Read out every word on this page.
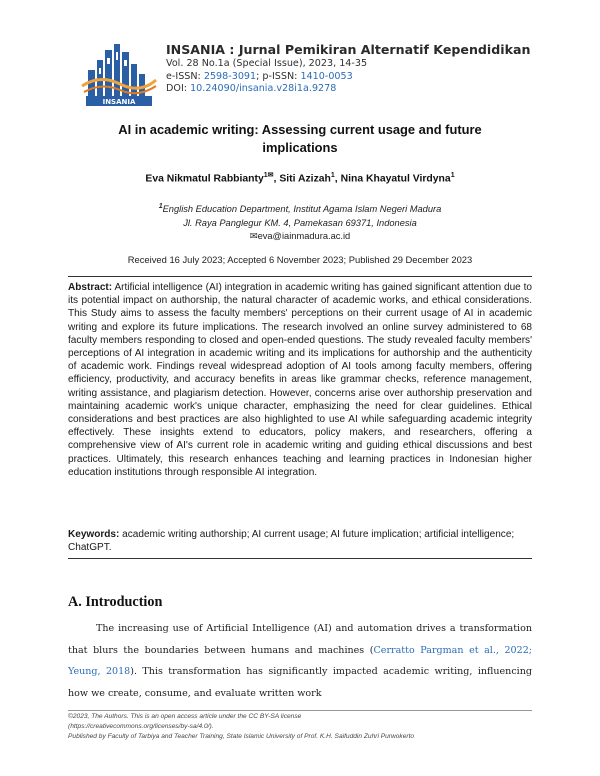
INSANIA
INSANIA : Jurnal Pemikiran Alternatif Kependidikan
Vol. 28 No.1a (Special Issue), 2023, 14-35
e-ISSN: 2598-3091; p-ISSN: 1410-0053
DOI: 10.24090/insania.v28i1a.9278
AI in academic writing: Assessing current usage and future
implications
Eva Nikmatul Rabbianty$^{1✉}$, Siti Azizah$^1$, Nina Khayatul Virdyna$^1$
$^1$English Education Department, Institut Agama Islam Negeri Madura
Jl. Raya Panglegur KM. 4, Pamekasan 69371, Indonesia
✉eva@iainmadura.ac.id
Received 16 July 2023; Accepted 6 November 2023; Published 29 December 2023
Abstract: Artificial intelligence (AI) integration in academic writing has gained significant attention due to its potential impact on authorship, the natural character of academic works, and ethical considerations. This Study aims to assess the faculty members' perceptions on their current usage of AI in academic writing and explore its future implications. The research involved an online survey administered to 68 faculty members responding to closed and open-ended questions. The study revealed faculty members' perceptions of AI integration in academic writing and its implications for authorship and the authenticity of academic work. Findings reveal widespread adoption of AI tools among faculty members, offering efficiency, productivity, and accuracy benefits in areas like grammar checks, reference management, writing assistance, and plagiarism detection. However, concerns arise over authorship preservation and maintaining academic work's unique character, emphasizing the need for clear guidelines. Ethical considerations and best practices are also highlighted to use AI while safeguarding academic integrity effectively. These insights extend to educators, policy makers, and researchers, offering a comprehensive view of AI's current role in academic writing and guiding ethical discussions and best practices. Ultimately, this research enhances teaching and learning practices in Indonesian higher education institutions through responsible AI integration.
Keywords: academic writing authorship; AI current usage; AI future implication; artificial intelligence; ChatGPT.
A. Introduction
The increasing use of Artificial Intelligence (AI) and automation drives a transformation that blurs the boundaries between humans and machines (Cerratto Pargman et al., 2022; Yeung, 2018). This transformation has significantly impacted academic writing, influencing how we create, consume, and evaluate written work
©2023, The Authors. This is an open access article under the CC BY-SA license
(https://creativecommons.org/licenses/by-sa/4.0/).
Published by Faculty of Tarbiya and Teacher Training, State Islamic University of Prof. K.H. Saifuddin Zuhri Purwokerto
